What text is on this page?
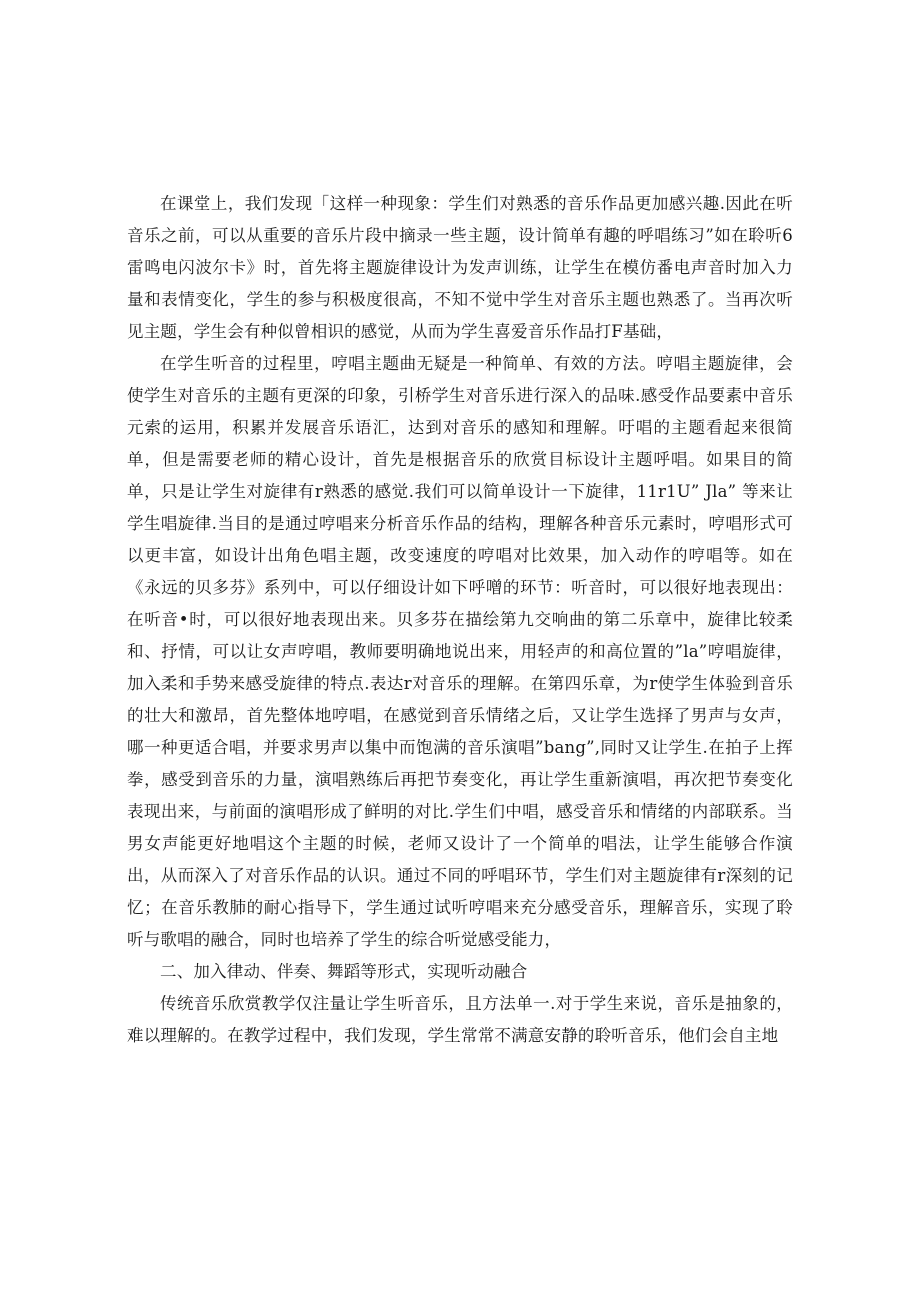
在课堂上，我们发现「这样一种现象：学生们对熟悉的音乐作品更加感兴趣.因此在听音乐之前，可以从重要的音乐片段中摘录一些主题，设计简单有趣的呼唱练习”如在聆听6雷鸣电闪波尔卡》时，首先将主题旋律设计为发声训练，让学生在模仿番电声音时加入力量和表情变化，学生的参与积极度很高，不知不觉中学生对音乐主题也熟悉了。当再次听见主题，学生会有种似曾相识的感觉，从而为学生喜爱音乐作品打F基础，

在学生听音的过程里，哼唱主题曲无疑是一种简单、有效的方法。哼唱主题旋律，会使学生对音乐的主题有更深的印象，引桥学生对音乐进行深入的品味.感受作品要素中音乐元索的运用，积累并发展音乐语汇，达到对音乐的感知和理解。吁唱的主题看起来很简单，但是需要老师的精心设计，首先是根据音乐的欣赏目标设计主题呼唱。如果目的简单，只是让学生对旋律有r熟悉的感觉.我们可以简单设计一下旋律，11r1U” Jla” 等来让学生唱旋律.当目的是通过哼唱来分析音乐作品的结构，理解各种音乐元素时，哼唱形式可以更丰富，如设计出角色唱主题，改变速度的哼唱对比效果，加入动作的哼唱等。如在《永远的贝多芬》系列中，可以仔细设计如下呼噌的环节：听音时，可以很好地表现出：在听音•时，可以很好地表现出来。贝多芬在描绘第九交响曲的第二乐章中，旋律比较柔和、抒情，可以让女声哼唱，教师要明确地说出来，用轻声的和高位置的”la”哼唱旋律，加入柔和手势来感受旋律的特点.表达r对音乐的理解。在第四乐章，为r使学生体验到音乐的壮大和激昂，首先整体地哼唱，在感觉到音乐情绪之后，又让学生选择了男声与女声，哪一种更适合唱，并要求男声以集中而饱满的音乐演唱”bang”,同时又让学生.在拍子上挥拳，感受到音乐的力量，演唱熟练后再把节奏变化，再让学生重新演唱，再次把节奏变化表现出来，与前面的演唱形成了鲜明的对比.学生们中唱，感受音乐和情绪的内部联系。当男女声能更好地唱这个主题的时候，老师又设计了一个简单的唱法，让学生能够合作演出，从而深入了对音乐作品的认识。通过不同的呼唱环节，学生们对主题旋律有r深刻的记忆；在音乐教肺的耐心指导下，学生通过试听哼唱来充分感受音乐，理解音乐，实现了聆听与歌唱的融合，同时也培养了学生的综合听觉感受能力，

二、加入律动、伴奏、舞蹈等形式，实现听动融合

传统音乐欣赏教学仅注量让学生听音乐，且方法单一.对于学生来说，音乐是抽象的，难以理解的。在教学过程中，我们发现，学生常常不满意安静的聆听音乐，他们会自主地
